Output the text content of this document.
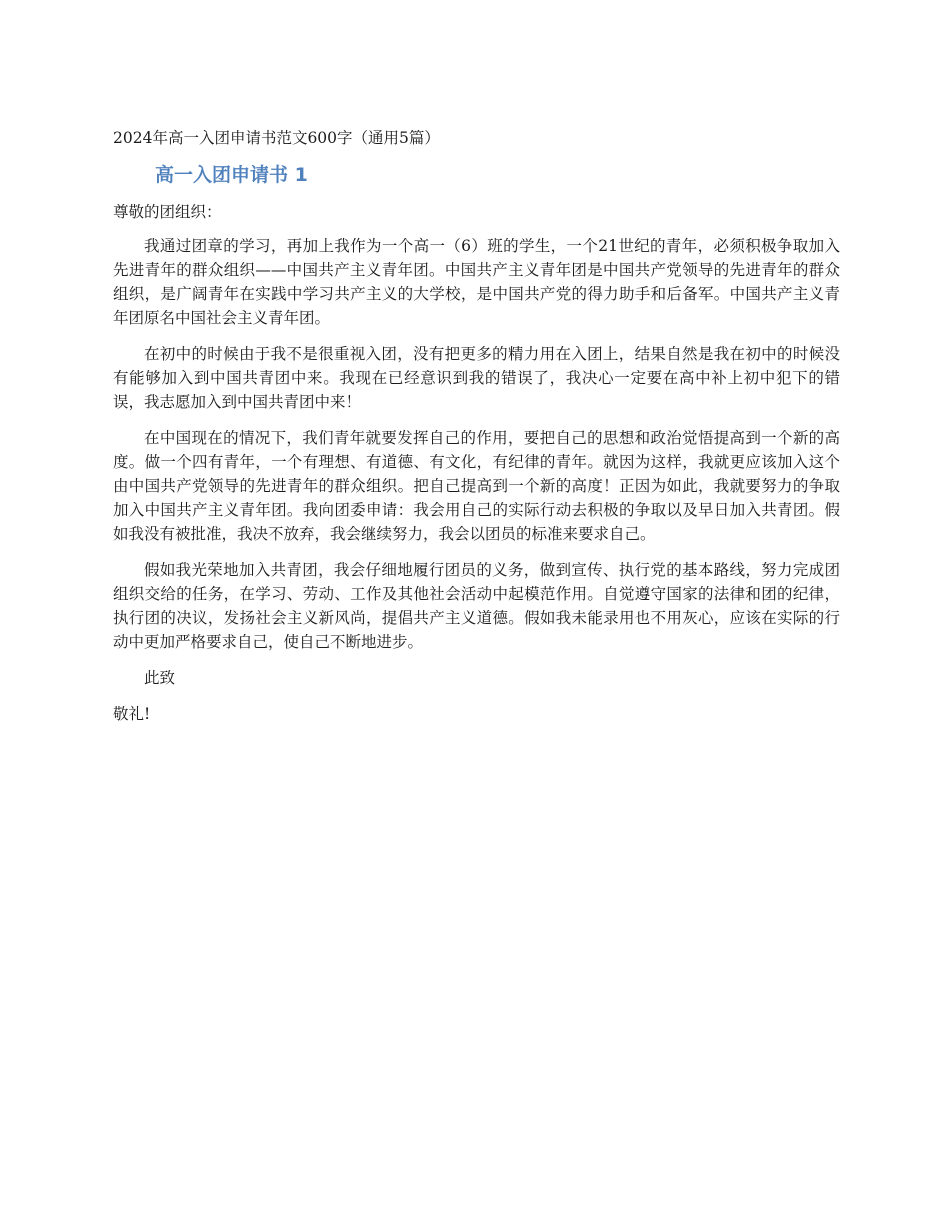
2024年高一入团申请书范文600字（通用5篇）
高一入团申请书 1
尊敬的团组织：

我通过团章的学习，再加上我作为一个高一（6）班的学生，一个21世纪的青年，必须积极争取加入先进青年的群众组织——中国共产主义青年团。中国共产主义青年团是中国共产党领导的先进青年的群众组织，是广阔青年在实践中学习共产主义的大学校，是中国共产党的得力助手和后备军。中国共产主义青年团原名中国社会主义青年团。

在初中的时候由于我不是很重视入团，没有把更多的精力用在入团上，结果自然是我在初中的时候没有能够加入到中国共青团中来。我现在已经意识到我的错误了，我决心一定要在高中补上初中犯下的错误，我志愿加入到中国共青团中来！

在中国现在的情况下，我们青年就要发挥自己的作用，要把自己的思想和政治觉悟提高到一个新的高度。做一个四有青年，一个有理想、有道德、有文化，有纪律的青年。就因为这样，我就更应该加入这个由中国共产党领导的先进青年的群众组织。把自己提高到一个新的高度！正因为如此，我就要努力的争取加入中国共产主义青年团。我向团委申请：我会用自己的实际行动去积极的争取以及早日加入共青团。假如我没有被批准，我决不放弃，我会继续努力，我会以团员的标准来要求自己。

假如我光荣地加入共青团，我会仔细地履行团员的义务，做到宣传、执行党的基本路线，努力完成团组织交给的任务，在学习、劳动、工作及其他社会活动中起模范作用。自觉遵守国家的法律和团的纪律，执行团的决议，发扬社会主义新风尚，提倡共产主义道德。假如我未能录用也不用灰心，应该在实际的行动中更加严格要求自己，使自己不断地进步。

此致
敬礼!
